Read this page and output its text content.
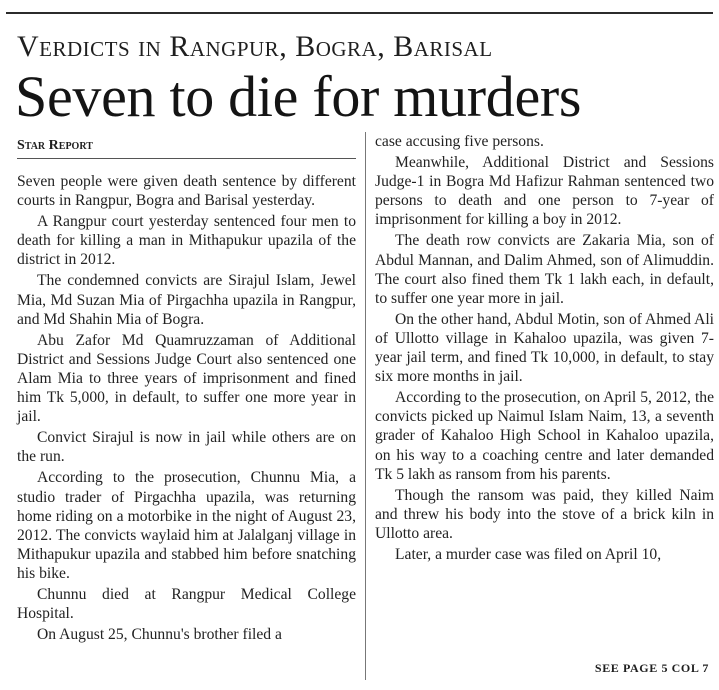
Verdicts in Rangpur, Bogra, Barisal
Seven to die for murders
Star Report

Seven people were given death sentence by different courts in Rangpur, Bogra and Barisal yesterday.

A Rangpur court yesterday sentenced four men to death for killing a man in Mithapukur upazila of the district in 2012.

The condemned convicts are Sirajul Islam, Jewel Mia, Md Suzan Mia of Pirgachha upazila in Rangpur, and Md Shahin Mia of Bogra.

Abu Zafor Md Quamruzzaman of Additional District and Sessions Judge Court also sentenced one Alam Mia to three years of imprisonment and fined him Tk 5,000, in default, to suffer one more year in jail.

Convict Sirajul is now in jail while others are on the run.

According to the prosecution, Chunnu Mia, a studio trader of Pirgachha upazila, was returning home riding on a motorbike in the night of August 23, 2012. The convicts waylaid him at Jalalganj village in Mithapukur upazila and stabbed him before snatching his bike.

Chunnu died at Rangpur Medical College Hospital.

On August 25, Chunnu's brother filed a

case accusing five persons.

Meanwhile, Additional District and Sessions Judge-1 in Bogra Md Hafizur Rahman sentenced two persons to death and one person to 7-year of imprisonment for killing a boy in 2012.

The death row convicts are Zakaria Mia, son of Abdul Mannan, and Dalim Ahmed, son of Alimuddin. The court also fined them Tk 1 lakh each, in default, to suffer one year more in jail.

On the other hand, Abdul Motin, son of Ahmed Ali of Ullotto village in Kahaloo upazila, was given 7-year jail term, and fined Tk 10,000, in default, to stay six more months in jail.

According to the prosecution, on April 5, 2012, the convicts picked up Naimul Islam Naim, 13, a seventh grader of Kahaloo High School in Kahaloo upazila, on his way to a coaching centre and later demanded Tk 5 lakh as ransom from his parents.

Though the ransom was paid, they killed Naim and threw his body into the stove of a brick kiln in Ullotto area.

Later, a murder case was filed on April 10,

SEE PAGE 5 COL 7
